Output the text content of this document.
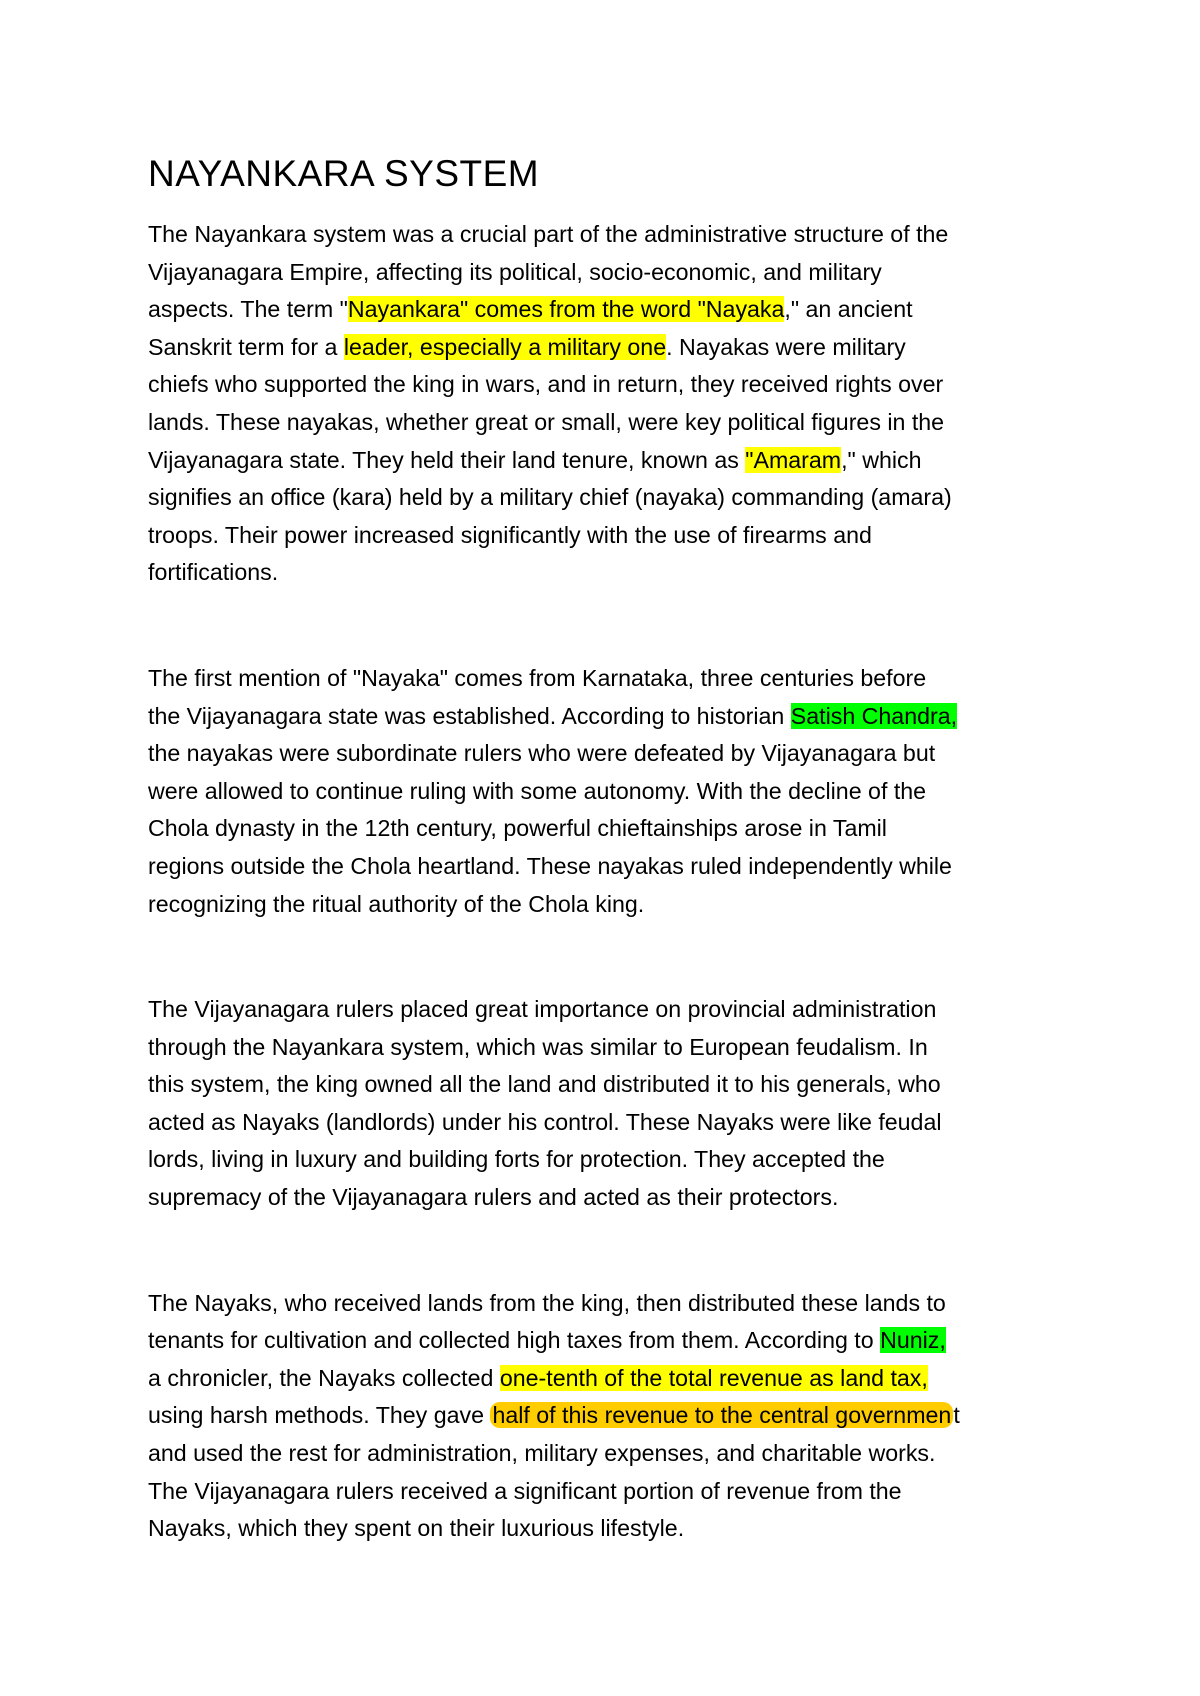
NAYANKARA SYSTEM
The Nayankara system was a crucial part of the administrative structure of the
Vijayanagara Empire, affecting its political, socio-economic, and military
aspects. The term "Nayankara" comes from the word "Nayaka," an ancient
Sanskrit term for a leader, especially a military one. Nayakas were military
chiefs who supported the king in wars, and in return, they received rights over
lands. These nayakas, whether great or small, were key political figures in the
Vijayanagara state. They held their land tenure, known as "Amaram," which
signifies an office (kara) held by a military chief (nayaka) commanding (amara)
troops. Their power increased significantly with the use of firearms and
fortifications.
The first mention of "Nayaka" comes from Karnataka, three centuries before
the Vijayanagara state was established. According to historian Satish Chandra,
the nayakas were subordinate rulers who were defeated by Vijayanagara but
were allowed to continue ruling with some autonomy. With the decline of the
Chola dynasty in the 12th century, powerful chieftainships arose in Tamil
regions outside the Chola heartland. These nayakas ruled independently while
recognizing the ritual authority of the Chola king.
The Vijayanagara rulers placed great importance on provincial administration
through the Nayankara system, which was similar to European feudalism. In
this system, the king owned all the land and distributed it to his generals, who
acted as Nayaks (landlords) under his control. These Nayaks were like feudal
lords, living in luxury and building forts for protection. They accepted the
supremacy of the Vijayanagara rulers and acted as their protectors.
The Nayaks, who received lands from the king, then distributed these lands to
tenants for cultivation and collected high taxes from them. According to Nuniz,
a chronicler, the Nayaks collected one-tenth of the total revenue as land tax,
using harsh methods. They gave half of this revenue to the central government
and used the rest for administration, military expenses, and charitable works.
The Vijayanagara rulers received a significant portion of revenue from the
Nayaks, which they spent on their luxurious lifestyle.
